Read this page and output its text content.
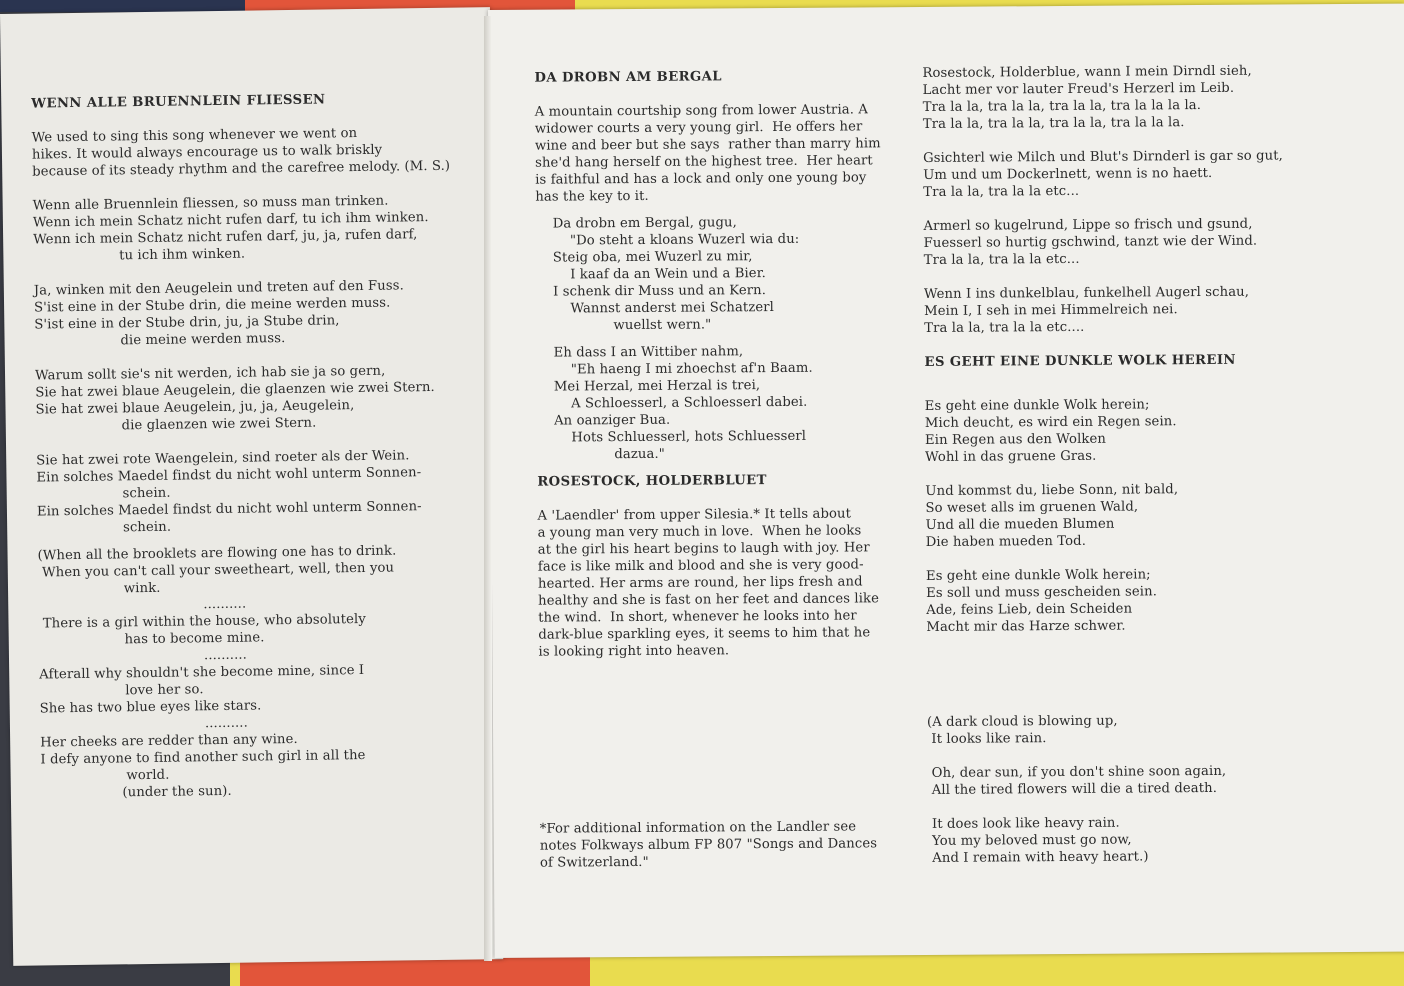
WENN ALLE BRUENNLEIN FLIESSEN

We used to sing this song whenever we went on

hikes. It would always encourage us to walk briskly

because of its steady rhythm and the carefree melody. (M. S.)

Wenn alle Bruennlein fliessen, so muss man trinken.

Wenn ich mein Schatz nicht rufen darf, tu ich ihm winken.

Wenn ich mein Schatz nicht rufen darf, ju, ja, rufen darf,

tu ich ihm winken.

Ja, winken mit den Aeugelein und treten auf den Fuss.

S'ist eine in der Stube drin, die meine werden muss.

S'ist eine in der Stube drin, ju, ja Stube drin,

die meine werden muss.

Warum sollt sie's nit werden, ich hab sie ja so gern,

Sie hat zwei blaue Aeugelein, die glaenzen wie zwei Stern.

Sie hat zwei blaue Aeugelein, ju, ja, Aeugelein,

die glaenzen wie zwei Stern.

Sie hat zwei rote Waengelein, sind roeter als der Wein.

Ein solches Maedel findst du nicht wohl unterm Sonnen-

schein.

Ein solches Maedel findst du nicht wohl unterm Sonnen-

schein.

(When all the brooklets are flowing one has to drink.

When you can't call your sweetheart, well, then you

wink.

..........

There is a girl within the house, who absolutely

has to become mine.

..........

Afterall why shouldn't she become mine, since I

love her so.

She has two blue eyes like stars.

..........

Her cheeks are redder than any wine.

I defy anyone to find another such girl in all the

world.

(under the sun).

DA DROBN AM BERGAL

A mountain courtship song from lower Austria. A

widower courts a very young girl.  He offers her

wine and beer but she says  rather than marry him

she'd hang herself on the highest tree.  Her heart

is faithful and has a lock and only one young boy

has the key to it.

Da drobn em Bergal, gugu,

"Do steht a kloans Wuzerl wia du:

Steig oba, mei Wuzerl zu mir,

I kaaf da an Wein und a Bier.

I schenk dir Muss und an Kern.

Wannst anderst mei Schatzerl

wuellst wern."

Eh dass I an Wittiber nahm,

"Eh haeng I mi zhoechst af'n Baam.

Mei Herzal, mei Herzal is trei,

A Schloesserl, a Schloesserl dabei.

An oanziger Bua.

Hots Schluesserl, hots Schluesserl

dazua."

ROSESTOCK, HOLDERBLUET

A 'Laendler' from upper Silesia.* It tells about

a young man very much in love.  When he looks

at the girl his heart begins to laugh with joy. Her

face is like milk and blood and she is very good-

hearted. Her arms are round, her lips fresh and

healthy and she is fast on her feet and dances like

the wind.  In short, whenever he looks into her

dark-blue sparkling eyes, it seems to him that he

is looking right into heaven.

*For additional information on the Landler see

notes Folkways album FP 807 "Songs and Dances

of Switzerland."

Rosestock, Holderblue, wann I mein Dirndl sieh,

Lacht mer vor lauter Freud's Herzerl im Leib.

Tra la la, tra la la, tra la la, tra la la la la.

Tra la la, tra la la, tra la la, tra la la la.

Gsichterl wie Milch und Blut's Dirnderl is gar so gut,

Um und um Dockerlnett, wenn is no haett.

Tra la la, tra la la etc...

Armerl so kugelrund, Lippe so frisch und gsund,

Fuesserl so hurtig gschwind, tanzt wie der Wind.

Tra la la, tra la la etc...

Wenn I ins dunkelblau, funkelhell Augerl schau,

Mein I, I seh in mei Himmelreich nei.

Tra la la, tra la la etc....

ES GEHT EINE DUNKLE WOLK HEREIN

Es geht eine dunkle Wolk herein;

Mich deucht, es wird ein Regen sein.

Ein Regen aus den Wolken

Wohl in das gruene Gras.

Und kommst du, liebe Sonn, nit bald,

So weset alls im gruenen Wald,

Und all die mueden Blumen

Die haben mueden Tod.

Es geht eine dunkle Wolk herein;

Es soll und muss gescheiden sein.

Ade, feins Lieb, dein Scheiden

Macht mir das Harze schwer.

(A dark cloud is blowing up,

It looks like rain.

Oh, dear sun, if you don't shine soon again,

All the tired flowers will die a tired death.

It does look like heavy rain.

You my beloved must go now,

And I remain with heavy heart.)
